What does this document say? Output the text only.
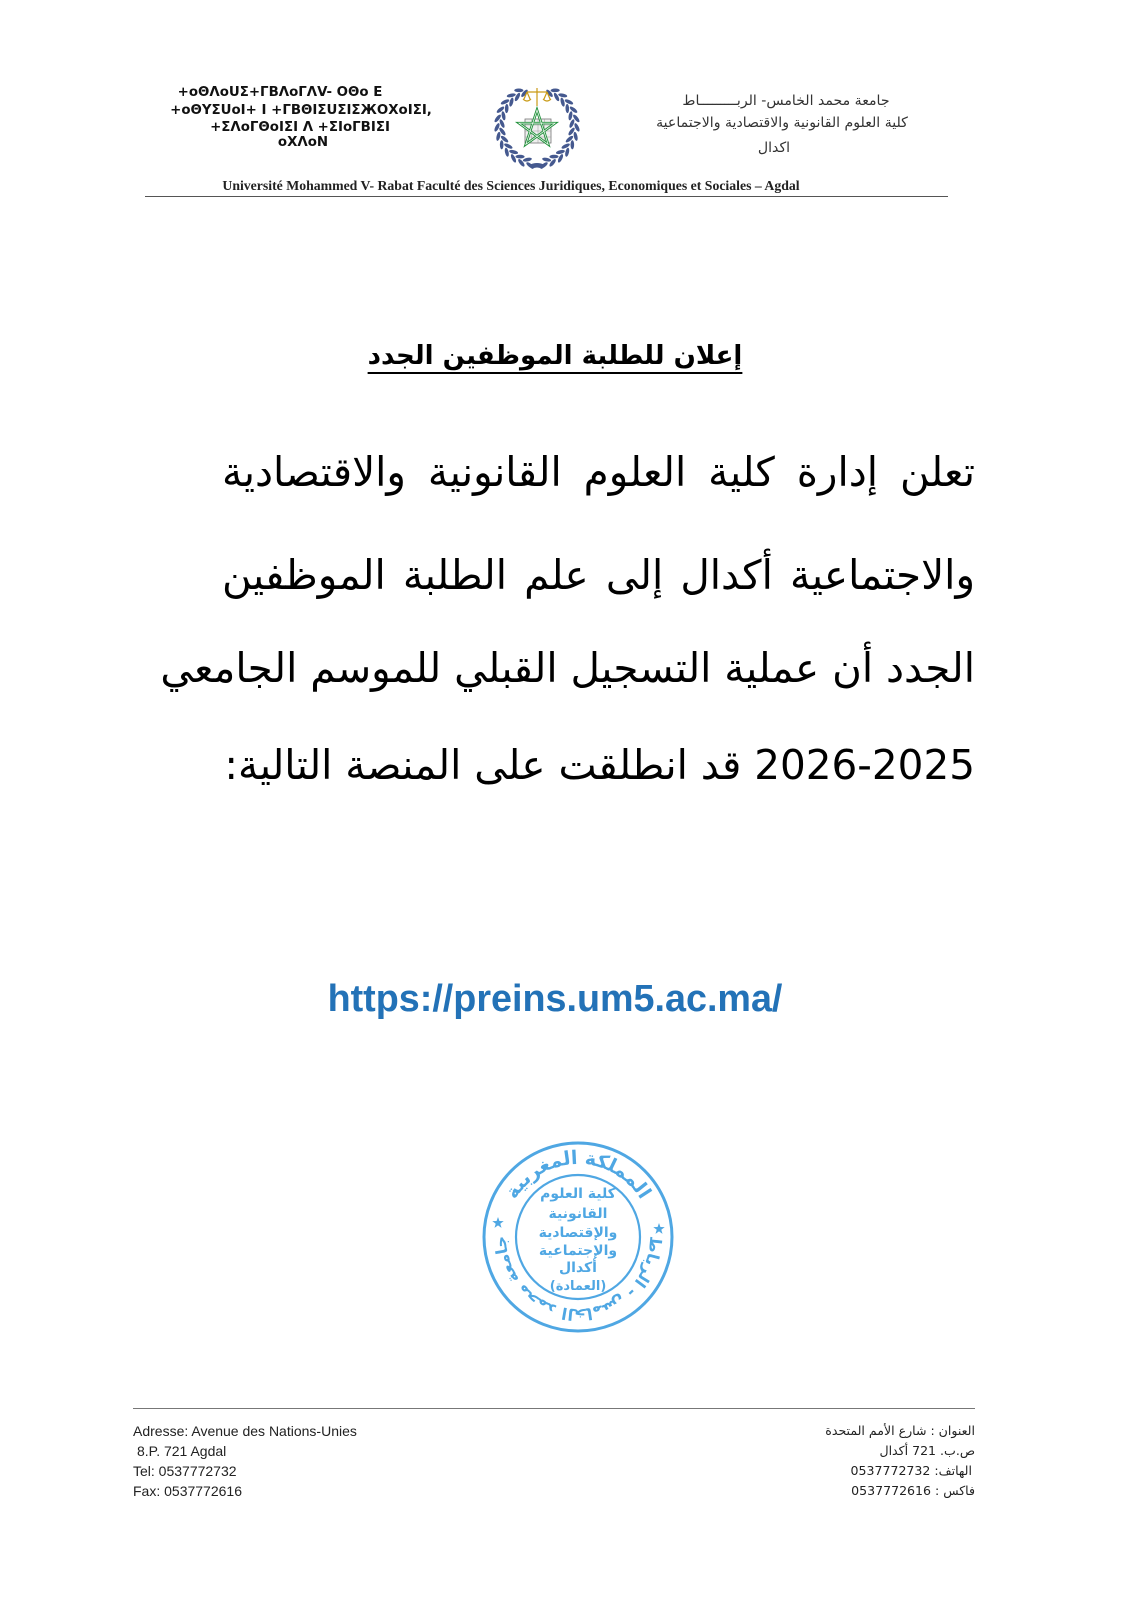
+oΘΛoUΣ+ΓΒΛoΓΛV- ΟΘo Ε
+oΘΥΣUoI+ I +ΓΒΘIΣUΣIΣЖΟΧoIΣI,
+ΣΛoΓΘoIΣI Λ +ΣIoΓΒIΣI
oΧΛoΝ
جامعة محمد الخامس- الربـــــــــاط
كلية العلوم القانونية والاقتصادية والاجتماعية
اكدال
Université Mohammed V- Rabat Faculté des Sciences Juridiques, Economiques et Sociales – Agdal
إعلان للطلبة الموظفين الجدد
تعلن إدارة كلية العلوم القانونية والاقتصادية
والاجتماعية أكدال إلى علم الطلبة الموظفين
الجدد أن عملية التسجيل القبلي للموسم الجامعي
2026-2025 قد انطلقت على المنصة التالية:
https://preins.um5.ac.ma/
المملكة المغربية
جامعة محمد الخامس - الرباط
كلية العلوم
القانونية
والإقتصادية
والإجتماعية
أكدال
(العمادة)
Adresse: Avenue des Nations-Unies
8.P. 721 Agdal
Tel: 0537772732
Fax: 0537772616
العنوان : شارع الأمم المتحدة
ص.ب. 721 أكدال
الهاتف: 0537772732
فاكس : 0537772616
